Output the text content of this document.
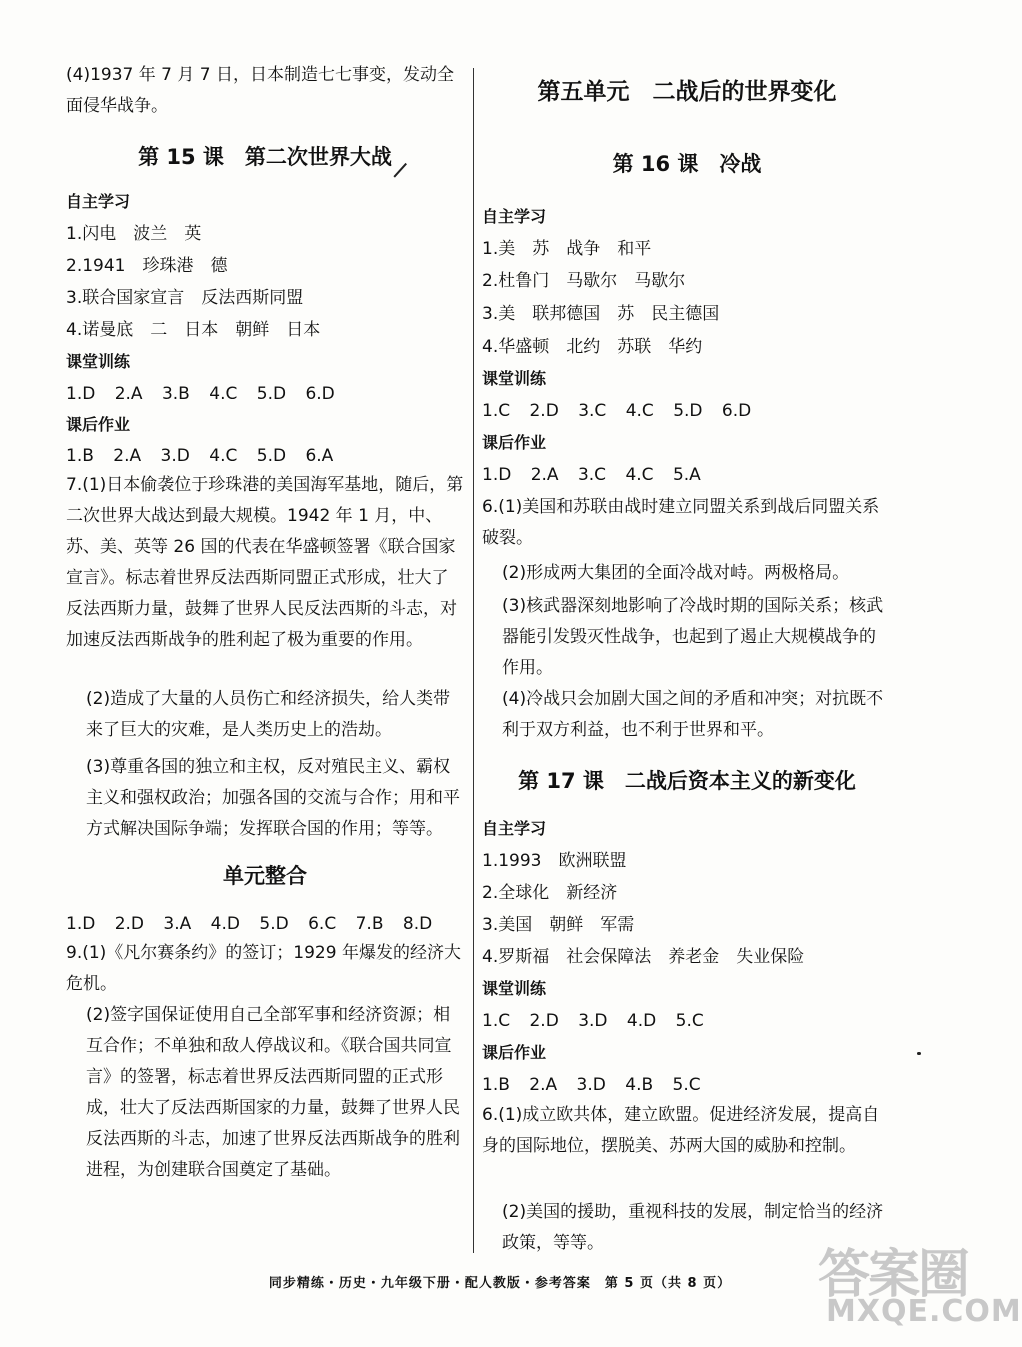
(4)1937 年 7 月 7 日，日本制造七七事变，发动全
面侵华战争。
第 15 课　第二次世界大战
自主学习
1.闪电　波兰　英
2.1941　珍珠港　德
3.联合国家宣言　反法西斯同盟
4.诺曼底　二　日本　朝鲜　日本
课堂训练
1.D 2.A 3.B 4.C 5.D 6.D
课后作业
1.B 2.A 3.D 4.C 5.D 6.A
7.(1)日本偷袭位于珍珠港的美国海军基地，随后，第二次世界大战达到最大规模。1942 年 1 月，中、苏、美、英等 26 国的代表在华盛顿签署《联合国家宣言》。标志着世界反法西斯同盟正式形成，壮大了反法西斯力量，鼓舞了世界人民反法西斯的斗志，对加速反法西斯战争的胜利起了极为重要的作用。
(2)造成了大量的人员伤亡和经济损失，给人类带来了巨大的灾难，是人类历史上的浩劫。
(3)尊重各国的独立和主权，反对殖民主义、霸权主义和强权政治；加强各国的交流与合作；用和平方式解决国际争端；发挥联合国的作用；等等。
单元整合
1.D 2.D 3.A 4.D 5.D 6.C 7.B 8.D
9.(1)《凡尔赛条约》的签订；1929 年爆发的经济大危机。
(2)签字国保证使用自己全部军事和经济资源；相互合作；不单独和敌人停战议和。《联合国共同宣言》的签署，标志着世界反法西斯同盟的正式形成，壮大了反法西斯国家的力量，鼓舞了世界人民反法西斯的斗志，加速了世界反法西斯战争的胜利进程，为创建联合国奠定了基础。
第五单元　二战后的世界变化
第 16 课　冷战
自主学习
1.美　苏　战争　和平
2.杜鲁门　马歇尔　马歇尔
3.美　联邦德国　苏　民主德国
4.华盛顿　北约　苏联　华约
课堂训练
1.C 2.D 3.C 4.C 5.D 6.D
课后作业
1.D 2.A 3.C 4.C 5.A
6.(1)美国和苏联由战时建立同盟关系到战后同盟关系破裂。
(2)形成两大集团的全面冷战对峙。两极格局。
(3)核武器深刻地影响了冷战时期的国际关系；核武器能引发毁灭性战争，也起到了遏止大规模战争的作用。
(4)冷战只会加剧大国之间的矛盾和冲突；对抗既不利于双方利益，也不利于世界和平。
第 17 课　二战后资本主义的新变化
自主学习
1.1993　欧洲联盟
2.全球化　新经济
3.美国　朝鲜　军需
4.罗斯福　社会保障法　养老金　失业保险
课堂训练
1.C 2.D 3.D 4.D 5.C
课后作业
1.B 2.A 3.D 4.B 5.C
6.(1)成立欧共体，建立欧盟。促进经济发展，提高自身的国际地位，摆脱美、苏两大国的威胁和控制。
(2)美国的援助，重视科技的发展，制定恰当的经济政策，等等。
同步精练・历史・九年级下册・配人教版・参考答案　第 5 页（共 8 页）	答案圈
MXQE.COM
